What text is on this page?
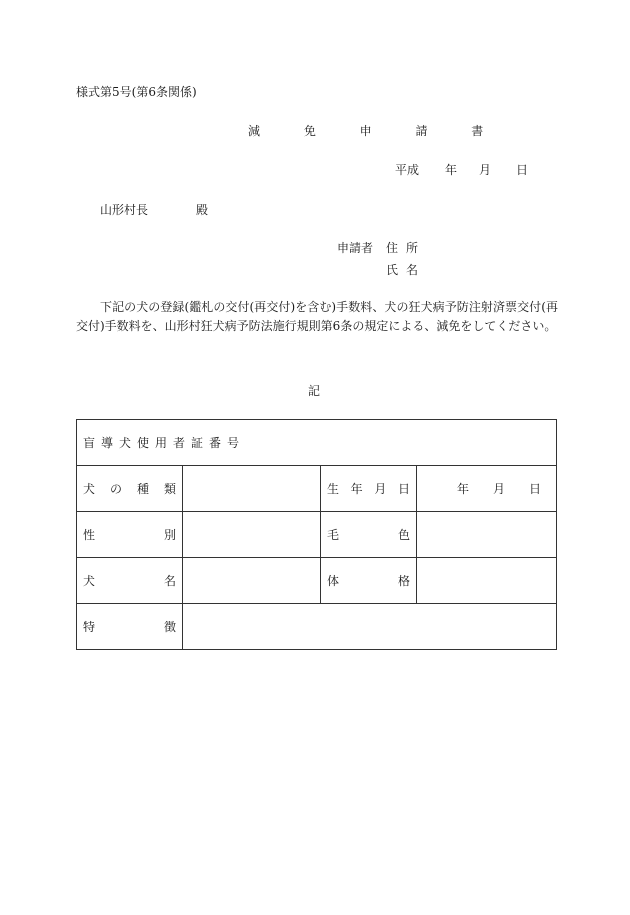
様式第5号(第6条関係)
減 免 申 請 書
平成 年 月 日
山形村長	殿
申請者 住所
氏名
下記の犬の登録(鑑札の交付(再交付)を含む)手数料、犬の狂犬病予防注射済票交付(再交付)手数料を、山形村狂犬病予防法施行規則第6条の規定による、減免をしてください。
記
盲導犬使用者証番号			
犬の種類		生年月日	年 月 日
性別		毛色	
犬名		体格	
特徴			
